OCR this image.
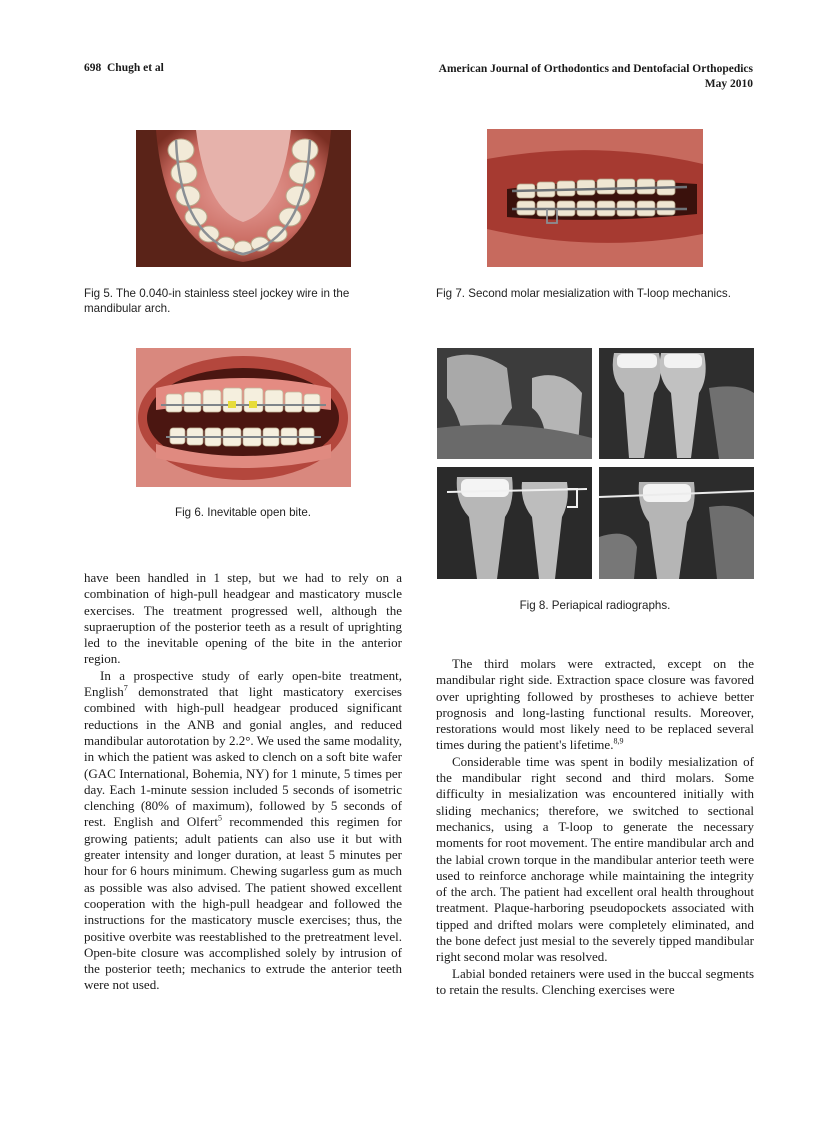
698 Chugh et al	American Journal of Orthodontics and Dentofacial Orthopedics
May 2010
Fig 5. The 0.040-in stainless steel jockey wire in the mandibular arch.
Fig 6. Inevitable open bite.
Fig 7. Second molar mesialization with T-loop mechanics.
Fig 8. Periapical radiographs.

have been handled in 1 step, but we had to rely on a combination of high-pull headgear and masticatory muscle exercises. The treatment progressed well, although the supraeruption of the posterior teeth as a result of uprighting led to the inevitable opening of the bite in the anterior region.

In a prospective study of early open-bite treatment, English$^7$ demonstrated that light masticatory exercises combined with high-pull headgear produced significant reductions in the ANB and gonial angles, and reduced mandibular autorotation by 2.2°. We used the same modality, in which the patient was asked to clench on a soft bite wafer (GAC International, Bohemia, NY) for 1 minute, 5 times per day. Each 1-minute session included 5 seconds of isometric clenching (80% of maximum), followed by 5 seconds of rest. English and Olfert$^5$ recommended this regimen for growing patients; adult patients can also use it but with greater intensity and longer duration, at least 5 minutes per hour for 6 hours minimum. Chewing sugarless gum as much as possible was also advised. The patient showed excellent cooperation with the high-pull headgear and followed the instructions for the masticatory muscle exercises; thus, the positive overbite was reestablished to the pretreatment level. Open-bite closure was accomplished solely by intrusion of the posterior teeth; mechanics to extrude the anterior teeth were not used.

The third molars were extracted, except on the mandibular right side. Extraction space closure was favored over uprighting followed by prostheses to achieve better prognosis and long-lasting functional results. Moreover, restorations would most likely need to be replaced several times during the patient's lifetime.$^{8,9}$

Considerable time was spent in bodily mesialization of the mandibular right second and third molars. Some difficulty in mesialization was encountered initially with sliding mechanics; therefore, we switched to sectional mechanics, using a T-loop to generate the necessary moments for root movement. The entire mandibular arch and the labial crown torque in the mandibular anterior teeth were used to reinforce anchorage while maintaining the integrity of the arch. The patient had excellent oral health throughout treatment. Plaque-harboring pseudopockets associated with tipped and drifted molars were completely eliminated, and the bone defect just mesial to the severely tipped mandibular right second molar was resolved.

Labial bonded retainers were used in the buccal segments to retain the results. Clenching exercises were
